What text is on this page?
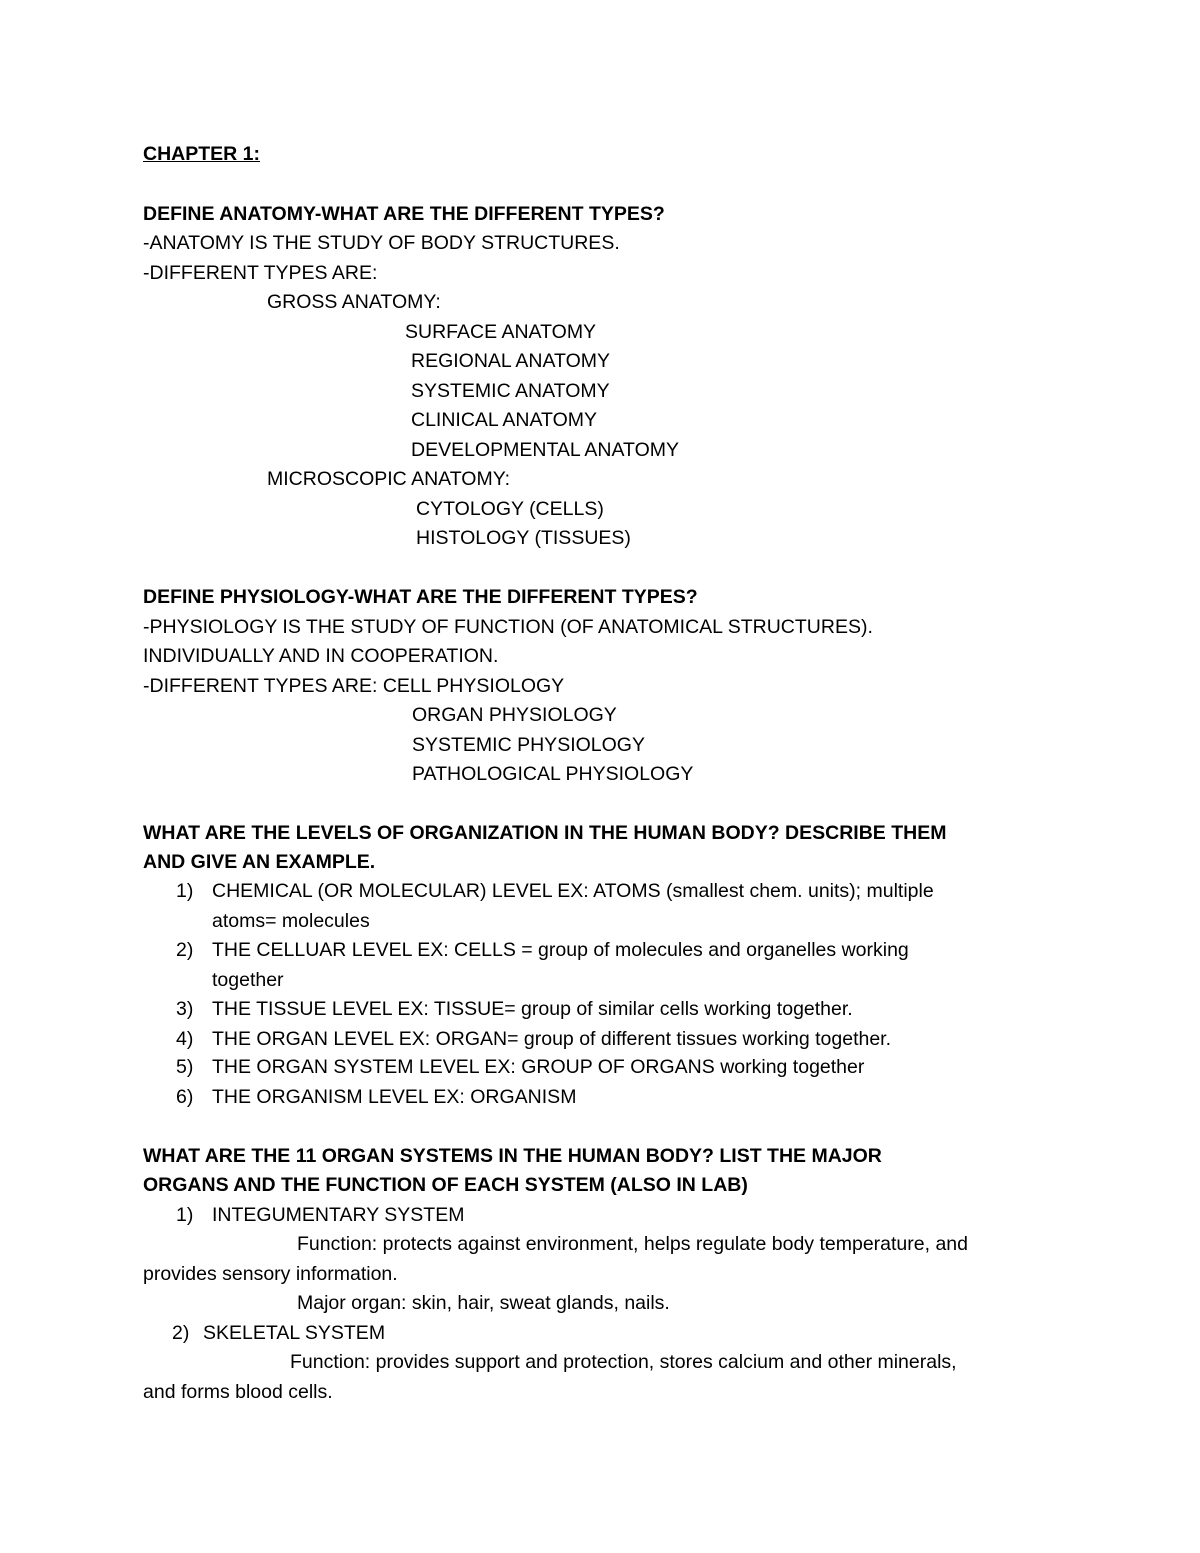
CHAPTER 1:
DEFINE ANATOMY-WHAT ARE THE DIFFERENT TYPES?
-ANATOMY IS THE STUDY OF BODY STRUCTURES.
-DIFFERENT TYPES ARE:
GROSS ANATOMY:
SURFACE ANATOMY
REGIONAL ANATOMY
SYSTEMIC ANATOMY
CLINICAL ANATOMY
DEVELOPMENTAL ANATOMY
MICROSCOPIC ANATOMY:
CYTOLOGY (CELLS)
HISTOLOGY (TISSUES)
DEFINE PHYSIOLOGY-WHAT ARE THE DIFFERENT TYPES?
-PHYSIOLOGY IS THE STUDY OF FUNCTION (OF ANATOMICAL STRUCTURES).
INDIVIDUALLY AND IN COOPERATION.
-DIFFERENT TYPES ARE: CELL PHYSIOLOGY
ORGAN PHYSIOLOGY
SYSTEMIC PHYSIOLOGY
PATHOLOGICAL PHYSIOLOGY
WHAT ARE THE LEVELS OF ORGANIZATION IN THE HUMAN BODY? DESCRIBE THEM
AND GIVE AN EXAMPLE.
1) CHEMICAL (OR MOLECULAR) LEVEL EX: ATOMS (smallest chem. units); multiple
atoms= molecules
2) THE CELLUAR LEVEL EX: CELLS = group of molecules and organelles working
together
3) THE TISSUE LEVEL EX: TISSUE= group of similar cells working together.
4) THE ORGAN LEVEL EX: ORGAN= group of different tissues working together.
5) THE ORGAN SYSTEM LEVEL EX: GROUP OF ORGANS working together
6) THE ORGANISM LEVEL EX: ORGANISM
WHAT ARE THE 11 ORGAN SYSTEMS IN THE HUMAN BODY? LIST THE MAJOR
ORGANS AND THE FUNCTION OF EACH SYSTEM (ALSO IN LAB)
1) INTEGUMENTARY SYSTEM
Function: protects against environment, helps regulate body temperature, and
provides sensory information.
Major organ: skin, hair, sweat glands, nails.
2) SKELETAL SYSTEM
Function: provides support and protection, stores calcium and other minerals,
and forms blood cells.
